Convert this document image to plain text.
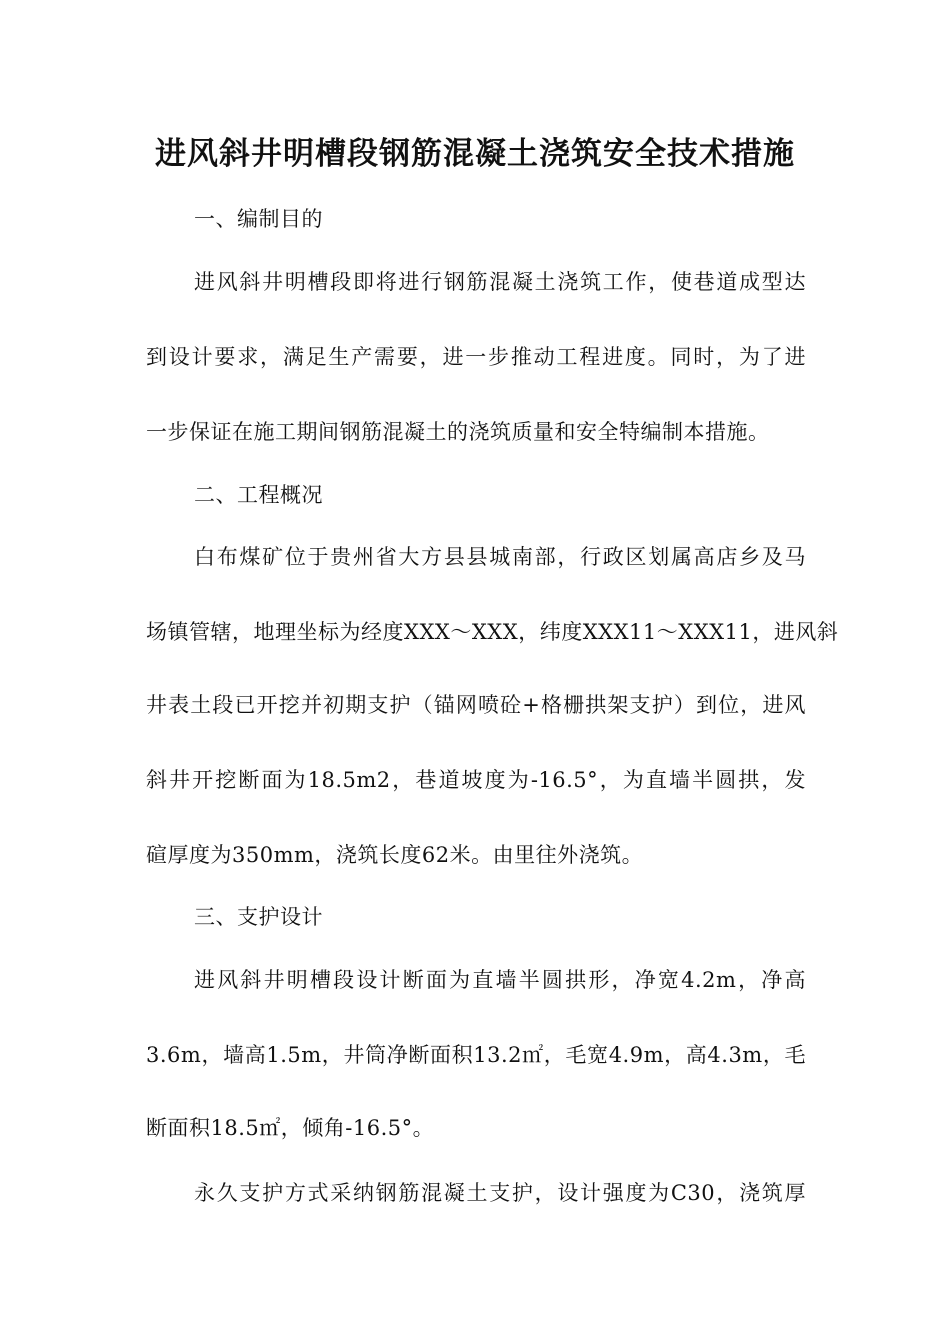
进风斜井明槽段钢筋混凝土浇筑安全技术措施
一、编制目的
进风斜井明槽段即将进行钢筋混凝土浇筑工作，使巷道成型达
到设计要求，满足生产需要，进一步推动工程进度。同时，为了进
一步保证在施工期间钢筋混凝土的浇筑质量和安全特编制本措施。
二、工程概况
白布煤矿位于贵州省大方县县城南部，行政区划属高店乡及马
场镇管辖，地理坐标为经度XXX～XXX，纬度XXX11～XXX11，进风斜
井表土段已开挖并初期支护（锚网喷砼+格栅拱架支护）到位，进风
斜井开挖断面为18.5m2，巷道坡度为-16.5°，为直墙半圆拱，发
碹厚度为350mm，浇筑长度62米。由里往外浇筑。
三、支护设计
进风斜井明槽段设计断面为直墙半圆拱形，净宽4.2m，净高
3.6m，墙高1.5m，井筒净断面积13.2㎡，毛宽4.9m，高4.3m，毛
断面积18.5㎡，倾角-16.5°。
永久支护方式采纳钢筋混凝土支护，设计强度为C30，浇筑厚
